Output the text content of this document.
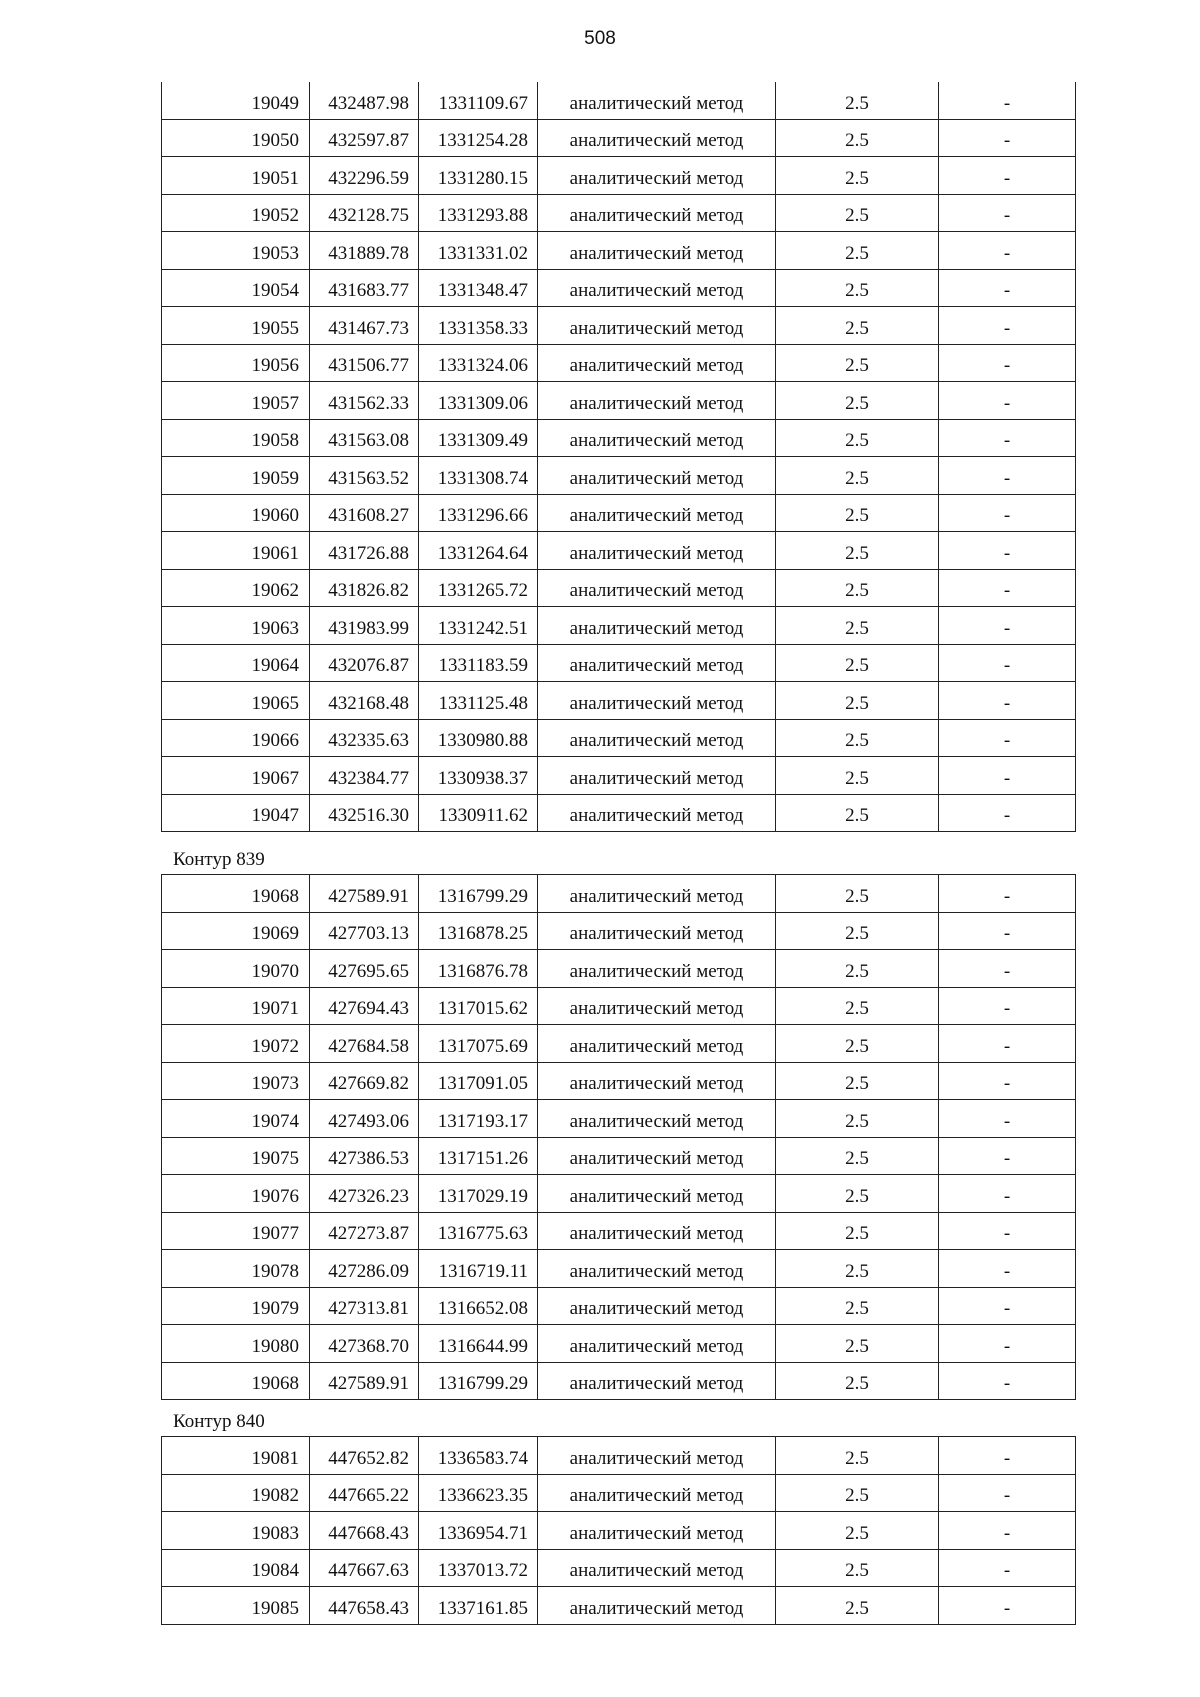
508
19049	432487.98	1331109.67	аналитический метод	2.5	-

19050	432597.87	1331254.28	аналитический метод	2.5	-

19051	432296.59	1331280.15	аналитический метод	2.5	-

19052	432128.75	1331293.88	аналитический метод	2.5	-

19053	431889.78	1331331.02	аналитический метод	2.5	-

19054	431683.77	1331348.47	аналитический метод	2.5	-

19055	431467.73	1331358.33	аналитический метод	2.5	-

19056	431506.77	1331324.06	аналитический метод	2.5	-

19057	431562.33	1331309.06	аналитический метод	2.5	-

19058	431563.08	1331309.49	аналитический метод	2.5	-

19059	431563.52	1331308.74	аналитический метод	2.5	-

19060	431608.27	1331296.66	аналитический метод	2.5	-

19061	431726.88	1331264.64	аналитический метод	2.5	-

19062	431826.82	1331265.72	аналитический метод	2.5	-

19063	431983.99	1331242.51	аналитический метод	2.5	-

19064	432076.87	1331183.59	аналитический метод	2.5	-

19065	432168.48	1331125.48	аналитический метод	2.5	-

19066	432335.63	1330980.88	аналитический метод	2.5	-

19067	432384.77	1330938.37	аналитический метод	2.5	-

19047	432516.30	1330911.62	аналитический метод	2.5	-
Контур 839
19068	427589.91	1316799.29	аналитический метод	2.5	-

19069	427703.13	1316878.25	аналитический метод	2.5	-

19070	427695.65	1316876.78	аналитический метод	2.5	-

19071	427694.43	1317015.62	аналитический метод	2.5	-

19072	427684.58	1317075.69	аналитический метод	2.5	-

19073	427669.82	1317091.05	аналитический метод	2.5	-

19074	427493.06	1317193.17	аналитический метод	2.5	-

19075	427386.53	1317151.26	аналитический метод	2.5	-

19076	427326.23	1317029.19	аналитический метод	2.5	-

19077	427273.87	1316775.63	аналитический метод	2.5	-

19078	427286.09	1316719.11	аналитический метод	2.5	-

19079	427313.81	1316652.08	аналитический метод	2.5	-

19080	427368.70	1316644.99	аналитический метод	2.5	-

19068	427589.91	1316799.29	аналитический метод	2.5	-
Контур 840
19081	447652.82	1336583.74	аналитический метод	2.5	-

19082	447665.22	1336623.35	аналитический метод	2.5	-

19083	447668.43	1336954.71	аналитический метод	2.5	-

19084	447667.63	1337013.72	аналитический метод	2.5	-

19085	447658.43	1337161.85	аналитический метод	2.5	-
